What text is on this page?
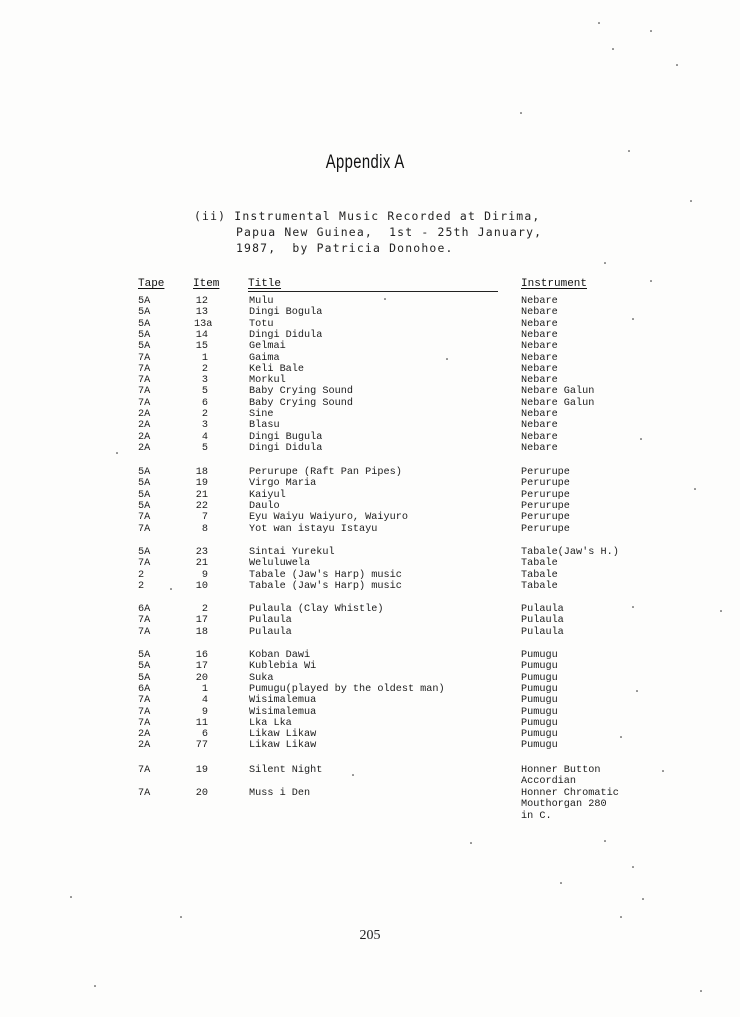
Appendix A
(ii) Instrumental Music Recorded at Dirima,
Papua New Guinea,  1st - 25th January,
1987,  by Patricia Donohoe.
Tape	Item	Title	Instrument
5A	12	Mulu	Nebare
5A	13	Dingi Bogula	Nebare
5A	13a	Totu	Nebare
5A	14	Dingi Didula	Nebare
5A	15	Gelmai	Nebare
7A	1	Gaima	Nebare
7A	2	Keli Bale	Nebare
7A	3	Morkul	Nebare
7A	5	Baby Crying Sound	Nebare Galun
7A	6	Baby Crying Sound	Nebare Galun
2A	2	Sine	Nebare
2A	3	Blasu	Nebare
2A	4	Dingi Bugula	Nebare
2A	5	Dingi Didula	Nebare
5A	18	Perurupe (Raft Pan Pipes)	Perurupe
5A	19	Virgo Maria	Perurupe
5A	21	Kaiyul	Perurupe
5A	22	Daulo	Perurupe
7A	7	Eyu Waiyu Waiyuro, Waiyuro	Perurupe
7A	8	Yot wan istayu Istayu	Perurupe
5A	23	Sintai Yurekul	Tabale(Jaw's H.)
7A	21	Weluluwela	Tabale
2	9	Tabale (Jaw's Harp) music	Tabale
2	10	Tabale (Jaw's Harp) music	Tabale
6A	2	Pulaula (Clay Whistle)	Pulaula
7A	17	Pulaula	Pulaula
7A	18	Pulaula	Pulaula
5A	16	Koban Dawi	Pumugu
5A	17	Kublebia Wi	Pumugu
5A	20	Suka	Pumugu
6A	1	Pumugu(played by the oldest man)	Pumugu
7A	4	Wisimalemua	Pumugu
7A	9	Wisimalemua	Pumugu
7A	11	Lka Lka	Pumugu
2A	6	Likaw Likaw	Pumugu
2A	77	Likaw Likaw	Pumugu
7A	19	Silent Night	Honner Button
Accordian
7A	20	Muss i Den	Honner Chromatic
Mouthorgan 280
in C.
205
